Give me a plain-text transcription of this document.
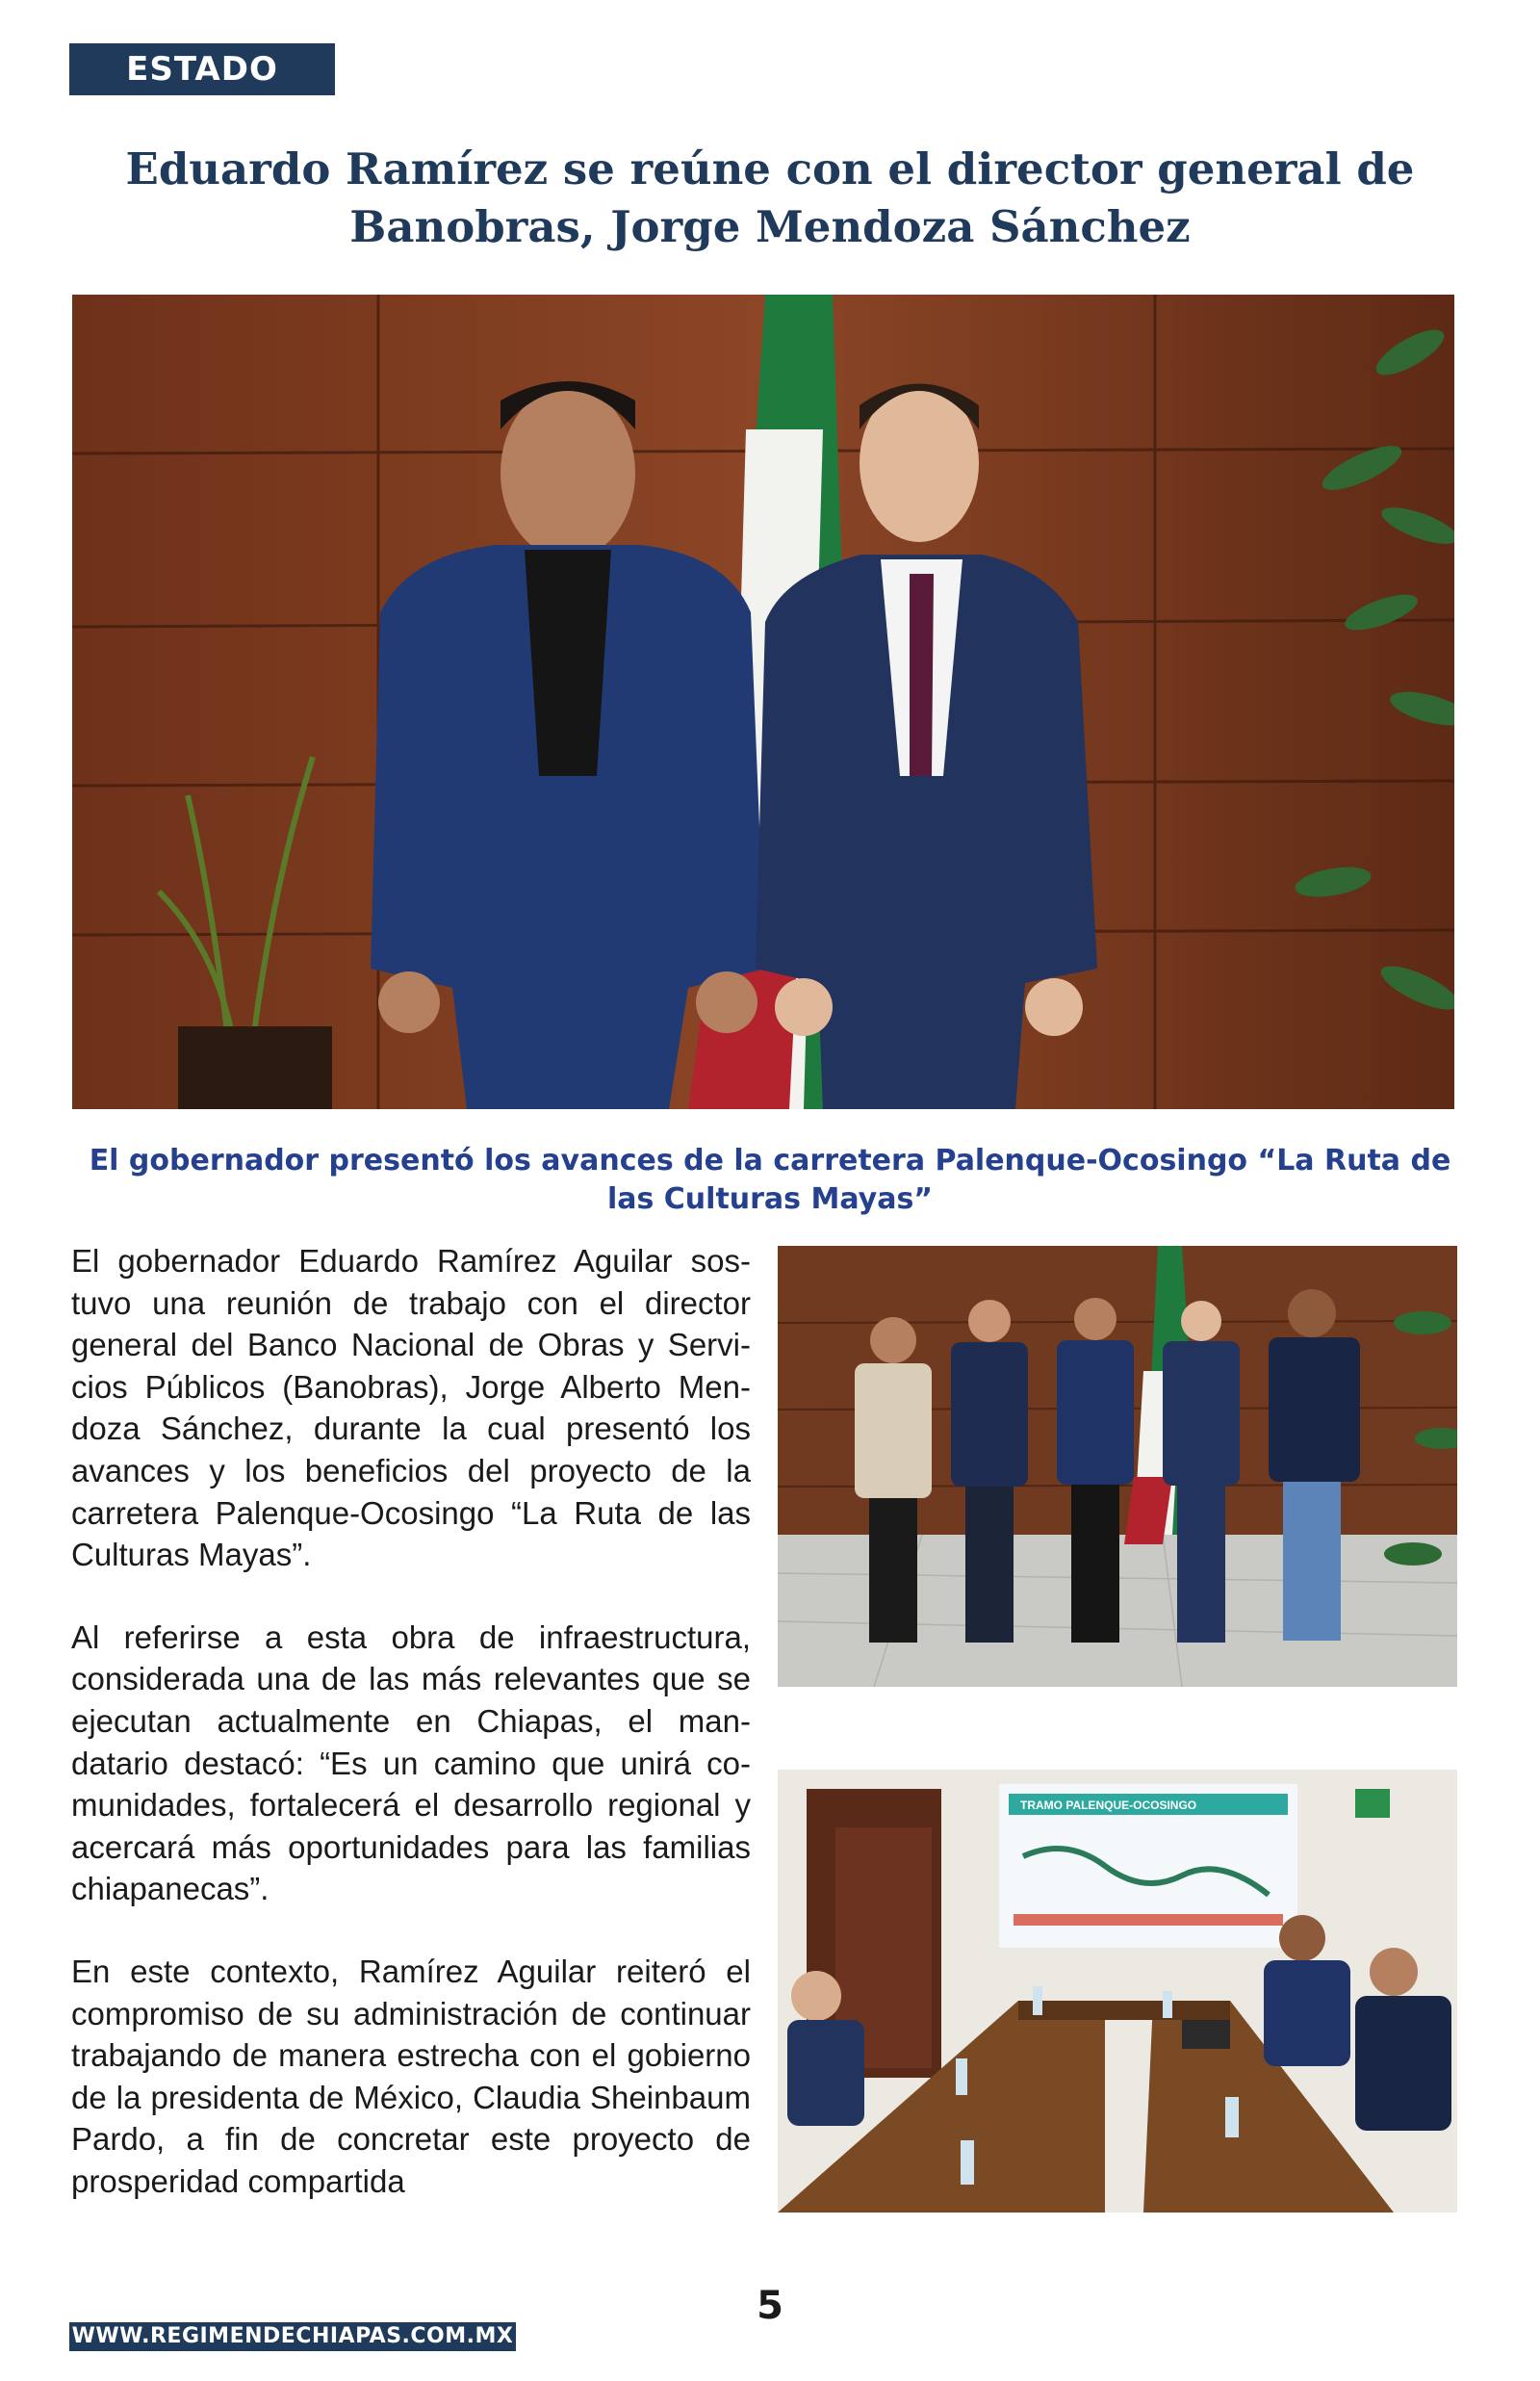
ESTADO
Eduardo Ramírez se reúne con el director general de Banobras, Jorge Mendoza Sánchez
El gobernador presentó los avances de la carretera Palenque-Ocosingo “La Ruta de las Culturas Mayas”

El gobernador Eduardo Ramírez Aguilar sostuvo una reunión de trabajo con el director general del Banco Nacional de Obras y Servicios Públicos (Banobras), Jorge Alberto Mendoza Sánchez, durante la cual presentó los avances y los beneficios del proyecto de la carretera Palenque-Ocosingo “La Ruta de las Culturas Mayas”.

Al referirse a esta obra de infraestructura, considerada una de las más relevantes que se ejecutan actualmente en Chiapas, el mandatario destacó: “Es un camino que unirá comunidades, fortalecerá el desarrollo regional y acercará más oportunidades para las familias chiapanecas”.

En este contexto, Ramírez Aguilar reiteró el compromiso de su administración de continuar trabajando de manera estrecha con el gobierno de la presidenta de México, Claudia Sheinbaum Pardo, a fin de concretar este proyecto de prosperidad compartida

TRAMO PALENQUE-OCOSINGO
5
WWW.REGIMENDECHIAPAS.COM.MX
